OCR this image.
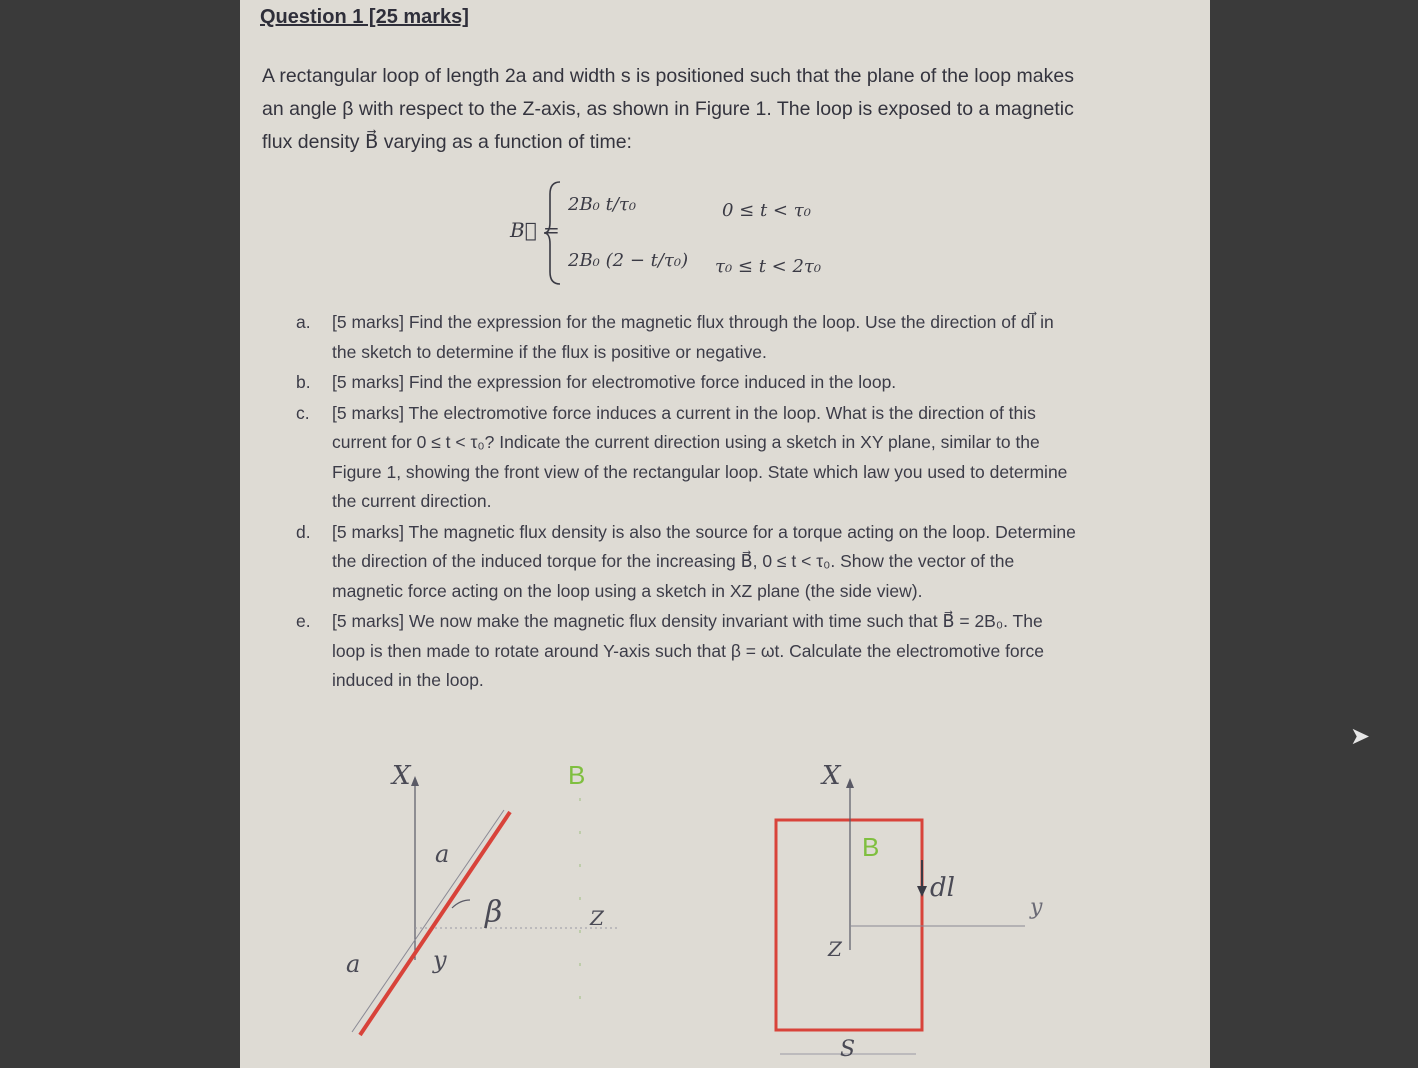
Question 1 [25 marks]
A rectangular loop of length 2a and width s is positioned such that the plane of the loop makes an angle β with respect to the Z-axis, as shown in Figure 1. The loop is exposed to a magnetic flux density B⃗ varying as a function of time:
B⃗ =
2B₀ t/τ₀	0 ≤ t < τ₀
2B₀ (2 − t/τ₀) τ₀ ≤ t < 2τ₀
a. [5 marks] Find the expression for the magnetic flux through the loop. Use the direction of dl⃗ in the sketch to determine if the flux is positive or negative.
b. [5 marks] Find the expression for electromotive force induced in the loop.
c. [5 marks] The electromotive force induces a current in the loop. What is the direction of this current for 0 ≤ t < τ₀? Indicate the current direction using a sketch in XY plane, similar to the Figure 1, showing the front view of the rectangular loop. State which law you used to determine the current direction.
d. [5 marks] The magnetic flux density is also the source for a torque acting on the loop. Determine the direction of the induced torque for the increasing B⃗, 0 ≤ t < τ₀. Show the vector of the magnetic force acting on the loop using a sketch in XZ plane (the side view).
e. [5 marks] We now make the magnetic flux density invariant with time such that B⃗ = 2B₀. The loop is then made to rotate around Y-axis such that β = ωt. Calculate the electromotive force induced in the loop.
X
a
β
a	y
Z
B	X
B
dl
y
Z
S
➤
